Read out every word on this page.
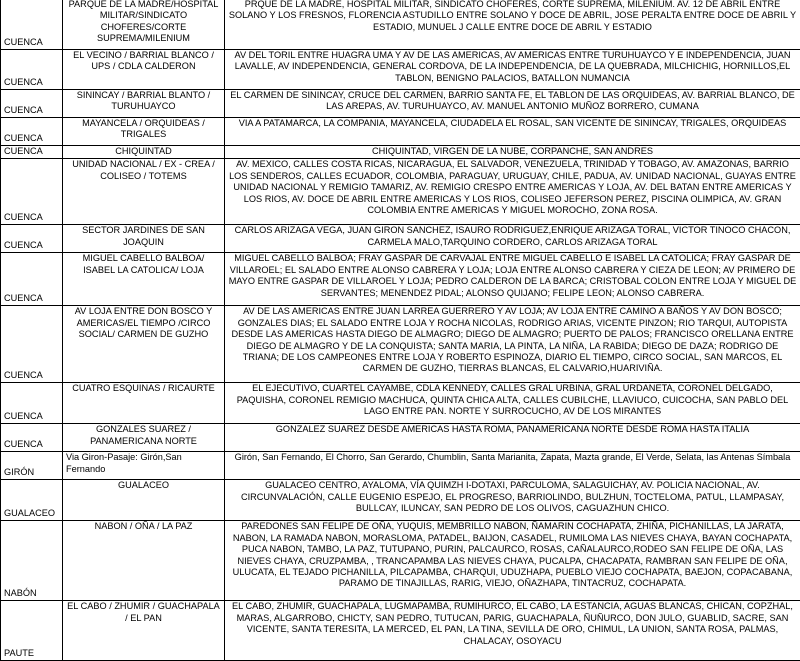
CUENCA	PARQUE DE LA MADRE/HOSPITAL MILITAR/SINDICATO CHOFERES/CORTE SUPREMA/MILENIUM	PRQUE DE LA MADRE, HOSPITAL MILITAR, SINDICATO CHOFERES, CORTE SUPREMA, MILENIUM. AV. 12 DE ABRIL ENTRE SOLANO Y LOS FRESNOS, FLORENCIA ASTUDILLO ENTRE SOLANO Y DOCE DE ABRIL, JOSE PERALTA ENTRE DOCE DE ABRIL Y ESTADIO, MUNUEL J CALLE ENTRE DOCE DE ABRIL Y ESTADIO
CUENCA	EL VECINO / BARRIAL BLANCO / UPS / CDLA CALDERON	AV DEL TORIL ENTRE HUAGRA UMA Y AV DE LAS AMERICAS, AV AMERICAS ENTRE TURUHUAYCO Y E INDEPENDENCIA, JUAN LAVALLE, AV INDEPENDENCIA, GENERAL CORDOVA, DE LA INDEPENDENCIA, DE LA QUEBRADA, MILCHICHIG, HORNILLOS,EL TABLON, BENIGNO PALACIOS, BATALLON NUMANCIA
CUENCA	SININCAY / BARRIAL BLANTO / TURUHUAYCO	EL CARMEN DE SININCAY, CRUCE DEL CARMEN, BARRIO SANTA FE, EL TABLON DE LAS ORQUIDEAS, AV. BARRIAL BLANCO, DE LAS AREPAS, AV. TURUHUAYCO, AV. MANUEL ANTONIO MUÑOZ BORRERO, CUMANA
CUENCA	MAYANCELA / ORQUIDEAS / TRIGALES	VIA A PATAMARCA, LA COMPANIA, MAYANCELA, CIUDADELA EL ROSAL, SAN VICENTE DE SININCAY, TRIGALES, ORQUIDEAS
CUENCA	CHIQUINTAD	CHIQUINTAD, VIRGEN DE LA NUBE, CORPANCHE, SAN ANDRES
CUENCA	UNIDAD NACIONAL / EX - CREA / COLISEO / TOTEMS	AV. MEXICO, CALLES COSTA RICAS, NICARAGUA, EL SALVADOR, VENEZUELA, TRINIDAD Y TOBAGO, AV. AMAZONAS, BARRIO LOS SENDEROS, CALLES ECUADOR, COLOMBIA, PARAGUAY, URUGUAY, CHILE, PADUA, AV. UNIDAD NACIONAL, GUAYAS ENTRE UNIDAD NACIONAL Y REMIGIO TAMARIZ, AV. REMIGIO CRESPO ENTRE AMERICAS Y LOJA, AV. DEL BATAN ENTRE AMERICAS Y LOS RIOS, AV. DOCE DE ABRIL ENTRE AMERICAS Y LOS RIOS, COLISEO JEFERSON PEREZ, PISCINA OLIMPICA, AV. GRAN COLOMBIA ENTRE AMERICAS Y MIGUEL MOROCHO, ZONA ROSA.
CUENCA	SECTOR JARDINES DE SAN JOAQUIN	CARLOS ARIZAGA VEGA, JUAN GIRON SANCHEZ, ISAURO RODRIGUEZ,ENRIQUE ARIZAGA TORAL, VICTOR TINOCO CHACON, CARMELA MALO,TARQUINO CORDERO, CARLOS ARIZAGA TORAL
CUENCA	MIGUEL CABELLO BALBOA/ ISABEL LA CATOLICA/ LOJA	MIGUEL CABELLO BALBOA; FRAY GASPAR DE CARVAJAL ENTRE MIGUEL CABELLO E ISABEL LA CATOLICA; FRAY GASPAR DE VILLAROEL; EL SALADO ENTRE ALONSO CABRERA Y LOJA; LOJA ENTRE ALONSO CABRERA Y CIEZA DE LEON; AV PRIMERO DE MAYO ENTRE GASPAR DE VILLAROEL Y LOJA; PEDRO CALDERON DE LA BARCA; CRISTOBAL COLON ENTRE LOJA Y MIGUEL DE SERVANTES; MENENDEZ PIDAL; ALONSO QUIJANO; FELIPE LEON; ALONSO CABRERA.
CUENCA	AV LOJA ENTRE DON BOSCO Y AMERICAS/EL TIEMPO /CIRCO SOCIAL/ CARMEN DE GUZHO	AV DE LAS AMERICAS ENTRE JUAN LARREA GUERRERO Y AV LOJA; AV LOJA ENTRE CAMINO A BAÑOS Y AV DON BOSCO; GONZALES DIAS; EL SALADO ENTRE LOJA Y ROCHA NICOLAS, RODRIGO ARIAS, VICENTE PINZON; RIO TARQUI, AUTOPISTA DESDE LAS AMERICAS HASTA DIEGO DE ALMAGRO; DIEGO DE ALMAGRO; PUERTO DE PALOS; FRANCISCO ORELLANA ENTRE DIEGO DE ALMAGRO Y DE LA CONQUISTA; SANTA MARIA, LA PINTA, LA NIÑA, LA RABIDA; DIEGO DE DAZA; RODRIGO DE TRIANA; DE LOS CAMPEONES ENTRE LOJA Y ROBERTO ESPINOZA, DIARIO EL TIEMPO, CIRCO SOCIAL, SAN MARCOS, EL CARMEN DE GUZHO, TIERRAS BLANCAS, EL CALVARIO,HUARIVIÑA.
CUENCA	CUATRO ESQUINAS / RICAURTE	EL EJECUTIVO, CUARTEL CAYAMBE, CDLA KENNEDY, CALLES GRAL URBINA, GRAL URDANETA, CORONEL DELGADO, PAQUISHA, CORONEL REMIGIO MACHUCA, QUINTA CHICA ALTA, CALLES CUBILCHE, LLAVIUCO, CUICOCHA, SAN PABLO DEL LAGO ENTRE PAN. NORTE Y SURROCUCHO, AV DE LOS MIRANTES
CUENCA	GONZALES SUAREZ / PANAMERICANA NORTE	GONZALEZ SUAREZ DESDE AMERICAS HASTA ROMA, PANAMERICANA NORTE DESDE ROMA HASTA ITALIA
GIRÓN	Via Giron-Pasaje: Girón,San Fernando	Girón, San Fernando, El Chorro, San Gerardo, Chumblin, Santa Marianita, Zapata, Mazta grande, El Verde, Selata, las Antenas Símbala
GUALACEO	GUALACEO	GUALACEO CENTRO, AYALOMA, VÍA QUIMZH I-DOTAXI, PARCULOMA, SALAGUICHAY, AV. POLICIA NACIONAL, AV. CIRCUNVALACIÓN, CALLE EUGENIO ESPEJO, EL PROGRESO, BARRIOLINDO, BULZHUN, TOCTELOMA, PATUL, LLAMPASAY, BULLCAY, ILUNCAY, SAN PEDRO DE LOS OLIVOS, CAGUAZHUN CHICO.
NABÓN	NABON / OÑA / LA PAZ	PAREDONES SAN FELIPE DE OÑA, YUQUIS, MEMBRILLO NABON, ÑAMARIN COCHAPATA, ZHIÑA, PICHANILLAS, LA JARATA, NABON, LA RAMADA NABON, MORASLOMA, PATADEL, BAIJON, CASADEL, RUMILOMA LAS NIEVES CHAYA, BAYAN COCHAPATA, PUCA NABON, TAMBO, LA PAZ, TUTUPANO, PURIN, PALCAURCO, ROSAS, CAÑALAURCO,RODEO SAN FELIPE DE OÑA, LAS NIEVES CHAYA, CRUZPAMBA, , TRANCAPAMBA LAS NIEVES CHAYA, PUCALPA, CHACAPATA, RAMBRAN SAN FELIPE DE OÑA, ULUCATA, EL TEJADO PICHANILLA, PILCAPAMBA, CHARQUI, UDUZHAPA, PUEBLO VIEJO COCHAPATA, BAEJON, COPACABANA, PARAMO DE TINAJILLAS, RARIG, VIEJO, OÑAZHAPA, TINTACRUZ, COCHAPATA.
PAUTE	EL CABO / ZHUMIR / GUACHAPALA / EL PAN	EL CABO, ZHUMIR, GUACHAPALA, LUGMAPAMBA, RUMIHURCO, EL CABO, LA ESTANCIA, AGUAS BLANCAS, CHICAN, COPZHAL, MARAS, ALGARROBO, CHICTY, SAN PEDRO, TUTUCAN, PARIG, GUACHAPALA, ÑUÑURCO, DON JULO, GUABLID, SACRE, SAN VICENTE, SANTA TERESITA, LA MERCED, EL PAN, LA TINA, SEVILLA DE ORO, CHIMUL, LA UNION, SANTA ROSA, PALMAS, CHALACAY, OSOYACU
